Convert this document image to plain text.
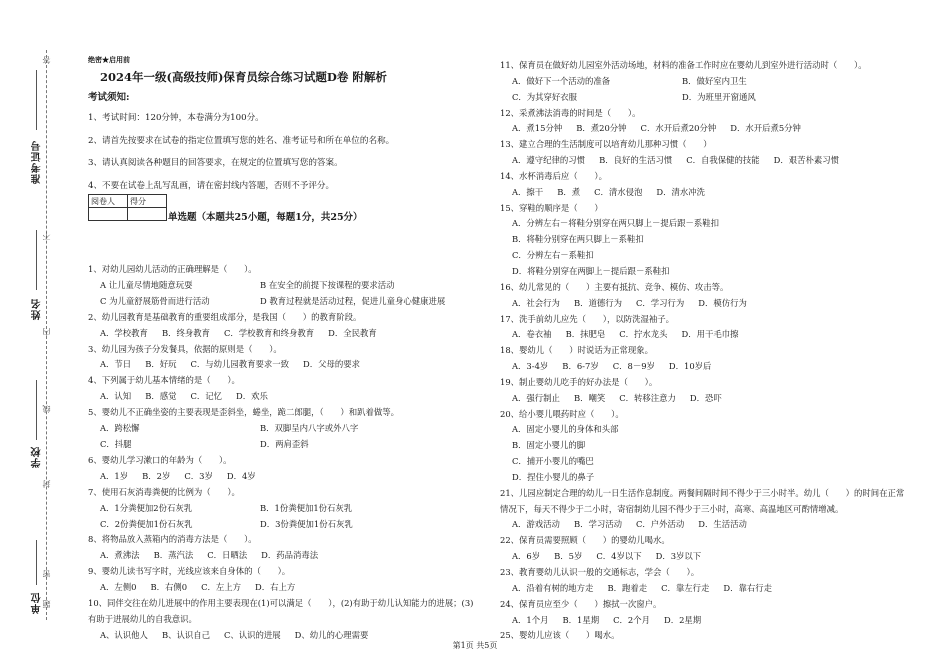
准考证号
姓名
学校
单位
答
不
内
线
封
密
题
绝密★启用前
2024年一级(高级技师)保育员综合练习试题D卷 附解析
考试须知:
1、考试时间：120分钟，本卷满分为100分。
2、请首先按要求在试卷的指定位置填写您的姓名、准考证号和所在单位的名称。
3、请认真阅读各种题目的回答要求，在规定的位置填写您的答案。
4、不要在试卷上乱写乱画，请在密封线内答题，否则不予评分。
阅卷人	得分

单选题（本题共25小题，每题1分，共25分）
1、对幼儿园幼儿活动的正确理解是（　　）。
A 让儿童尽情地随意玩耍	B 在安全的前提下按课程的要求活动
C 为儿童舒展筋骨而进行活动	D 教育过程就是活动过程，促进儿童身心健康进展
2、幼儿园教育是基础教育的重要组成部分，是我国（　　）的教育阶段。
A．学校教育 B．终身教育 C．学校教育和终身教育 D．全民教育
3、幼儿园为孩子分发餐具，依据的原则是（　　）。
A．节日 B．好玩 C．与幼儿园教育要求一致 D．父母的要求
4、下列属于幼儿基本情绪的是（　　）。
A．认知 B．感觉 C．记忆 D．欢乐
5、婴幼儿不正确坐姿的主要表现是歪斜坐，蜷坐，跪二郎腿，（　　）和趴着做等。
A．跨松懈	B．双脚呈内八字或外八字
C．抖腿	D．两肩歪斜
6、婴幼儿学习漱口的年龄为（　　）。
A．1岁 B．2岁 C．3岁 D．4岁
7、使用石灰消毒粪便的比例为（　　）。
A．1分粪便加2份石灰乳	B．1份粪便加1份石灰乳
C．2份粪便加1份石灰乳	D．3份粪便加1份石灰乳
8、将物品放入蒸箱内的消毒方法是（　　）。
A．煮沸法 B．蒸汽法 C．日晒法 D．药品消毒法
9、婴幼儿读书写字时，光线应该来自身体的（　　）。
A．左侧0 B．右侧0 C．左上方 D．右上方
10、同伴交往在幼儿进展中的作用主要表现在(1)可以满足（　　），(2)有助于幼儿认知能力的进展；(3)有助于进展幼儿的自我意识。
A、认识他人 B、认识自己 C、认识的进展 D、幼儿的心理需要
11、保育员在做好幼儿园室外活动场地，材料的准备工作时应在婴幼儿到室外进行活动时（　　）。
A．做好下一个活动的准备	B．做好室内卫生
C．为其穿好衣服	D．为班里开窗通风
12、采煮沸法消毒的时间是（　　）。
A．煮15分钟 B．煮20分钟 C．水开后煮20分钟 D．水开后煮5分钟
13、建立合理的生活制度可以培育幼儿那种习惯（　　）
A．遵守纪律的习惯 B．良好的生活习惯 C．自我保健的技能 D．艰苦朴素习惯
14、水杯消毒后应（　　）。
A．擦干 B．煮 C．清水侵泡 D．清水冲洗
15、穿鞋的顺序是（　　）
A．分辨左右－将鞋分别穿在两只脚上－提后跟－系鞋扣
B．将鞋分别穿在两只脚上－系鞋扣
C．分辨左右－系鞋扣
D．将鞋分别穿在两脚上－提后跟－系鞋扣
16、幼儿常见的（　　）主要有抵抗、竞争、模仿、攻击等。
A．社会行为 B．道德行为 C．学习行为 D．模仿行为
17、洗手前幼儿应先（　　），以防洗湿袖子。
A．卷衣袖 B．抹肥皂 C．拧水龙头 D．用干毛巾擦
18、婴幼儿（　　）时说话为正常现象。
A．3-4岁 B．6-7岁 C．8－9岁 D．10岁后
19、制止婴幼儿吃手的好办法是（　　）。
A．强行制止 B．嘲笑 C．转移注意力 D．恐吓
20、给小婴儿喂药时应（　　）。
A．固定小婴儿的身体和头部
B．固定小婴儿的脚
C．捕开小婴儿的嘴巴
D．捏住小婴儿的鼻子
21、儿园应制定合理的幼儿一日生活作息制度。两餐间隔时间不得少于三小时半。幼儿（　　）的时间在正常情况下，每天不得少于二小时，寄宿制幼儿园不得少于三小时，高寒、高温地区可酌情增减。
A．游戏活动 B．学习活动 C．户外活动 D．生活活动
22、保育员需要照顾（　　）的婴幼儿喝水。
A．6岁 B．5岁 C．4岁以下 D．3岁以下
23、教育婴幼儿认识一般的交通标志，学会（　　）。
A．沿着有树的地方走 B．跑着走 C．靠左行走 D．靠右行走
24、保育员应至少（　　）擦拭一次窗户。
A．1个月 B．1星期 C．2个月 D．2星期
25、婴幼儿应该（　　）喝水。
第1页 共5页
